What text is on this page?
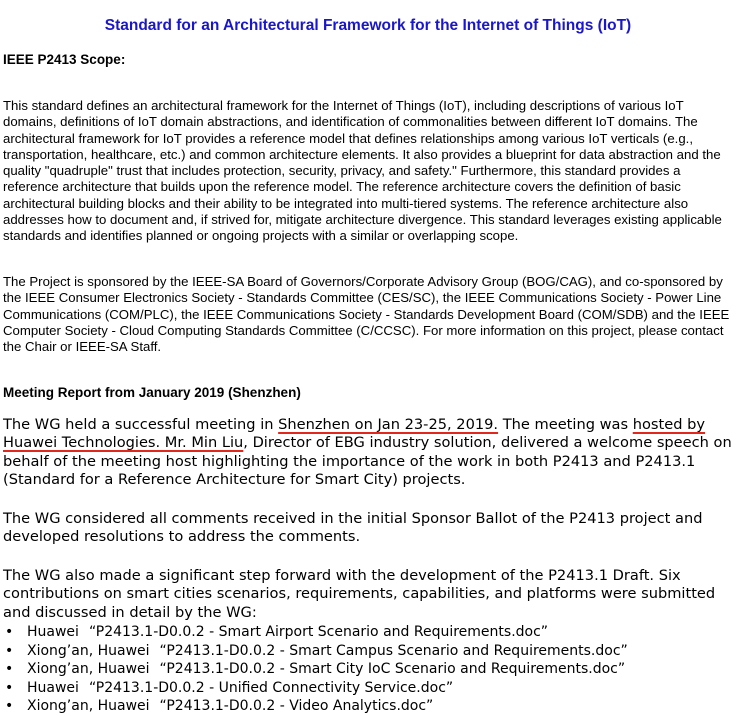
Standard for an Architectural Framework for the Internet of Things (IoT)
IEEE P2413 Scope:
This standard defines an architectural framework for the Internet of Things (IoT), including descriptions of various IoT domains, definitions of IoT domain abstractions, and identification of commonalities between different IoT domains. The architectural framework for IoT provides a reference model that defines relationships among various IoT verticals (e.g., transportation, healthcare, etc.) and common architecture elements. It also provides a blueprint for data abstraction and the quality "quadruple" trust that includes protection, security, privacy, and safety." Furthermore, this standard provides a reference architecture that builds upon the reference model. The reference architecture covers the definition of basic architectural building blocks and their ability to be integrated into multi-tiered systems. The reference architecture also addresses how to document and, if strived for, mitigate architecture divergence. This standard leverages existing applicable standards and identifies planned or ongoing projects with a similar or overlapping scope.
The Project is sponsored by the IEEE-SA Board of Governors/Corporate Advisory Group (BOG/CAG), and co-sponsored by the IEEE Consumer Electronics Society - Standards Committee (CES/SC), the IEEE Communications Society - Power Line Communications (COM/PLC), the IEEE Communications Society - Standards Development Board (COM/SDB) and the IEEE Computer Society - Cloud Computing Standards Committee (C/CCSC). For more information on this project, please contact the Chair or IEEE-SA Staff.
Meeting Report from January 2019 (Shenzhen)
The WG held a successful meeting in Shenzhen on Jan 23-25, 2019. The meeting was hosted by Huawei Technologies. Mr. Min Liu, Director of EBG industry solution, delivered a welcome speech on behalf of the meeting host highlighting the importance of the work in both P2413 and P2413.1 (Standard for a Reference Architecture for Smart City) projects.
The WG considered all comments received in the initial Sponsor Ballot of the P2413 project and developed resolutions to address the comments.
The WG also made a significant step forward with the development of the P2413.1 Draft. Six contributions on smart cities scenarios, requirements, capabilities, and platforms were submitted and discussed in detail by the WG:
• Huawei “P2413.1-D0.0.2 - Smart Airport Scenario and Requirements.doc”
• Xiong’an, Huawei “P2413.1-D0.0.2 - Smart Campus Scenario and Requirements.doc”
• Xiong’an, Huawei “P2413.1-D0.0.2 - Smart City IoC Scenario and Requirements.doc”
• Huawei “P2413.1-D0.0.2 - Unified Connectivity Service.doc”
• Xiong’an, Huawei “P2413.1-D0.0.2 - Video Analytics.doc”
